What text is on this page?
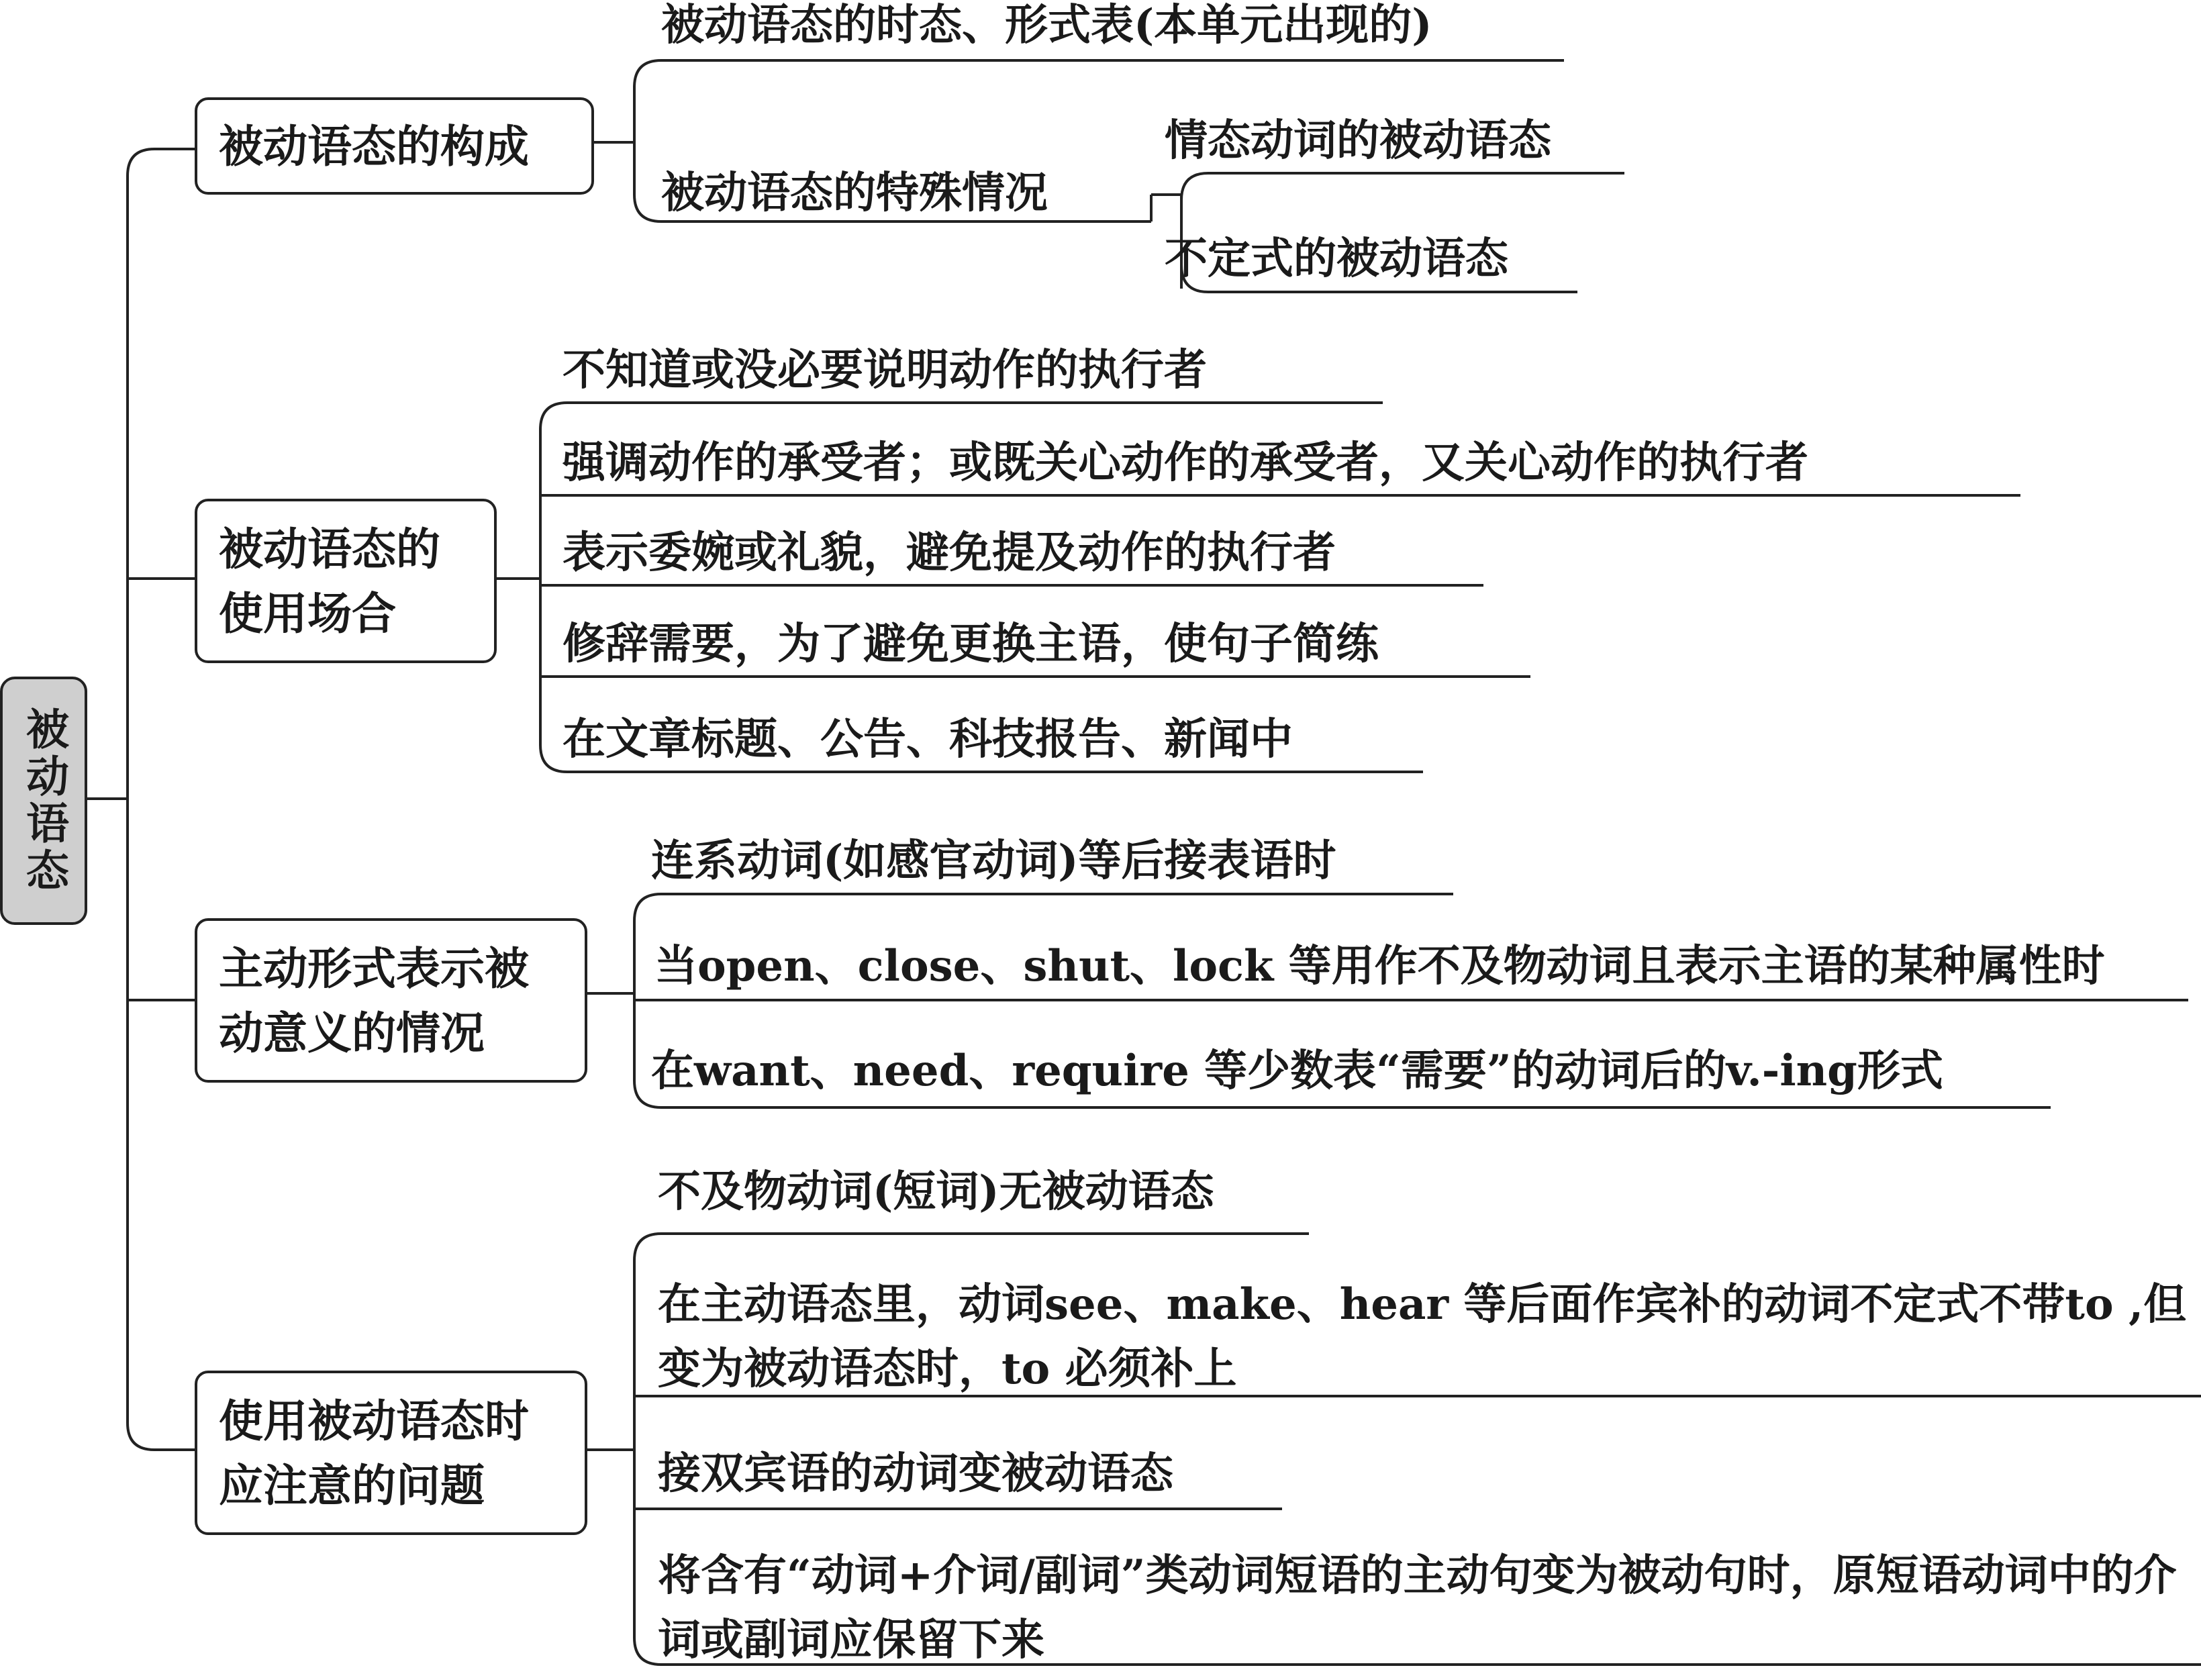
被动语态
被动语态的构成
被动语态的使用场合
主动形式表示被动意义的情况
使用被动语态时应注意的问题
被动语态的时态、形式表(本单元出现的)
被动语态的特殊情况
情态动词的被动语态
不定式的被动语态
不知道或没必要说明动作的执行者
强调动作的承受者；或既关心动作的承受者，又关心动作的执行者
表示委婉或礼貌，避免提及动作的执行者
修辞需要，为了避免更换主语，使句子简练
在文章标题、公告、科技报告、新闻中
连系动词(如感官动词)等后接表语时
当open、close、shut、lock 等用作不及物动词且表示主语的某种属性时
在want、need、require 等少数表“需要”的动词后的v.-ing形式
不及物动词(短词)无被动语态
在主动语态里，动词see、make、hear 等后面作宾补的动词不定式不带to ,但变为被动语态时，to 必须补上
接双宾语的动词变被动语态
将含有“动词+介词/副词”类动词短语的主动句变为被动句时，原短语动词中的介词或副词应保留下来
